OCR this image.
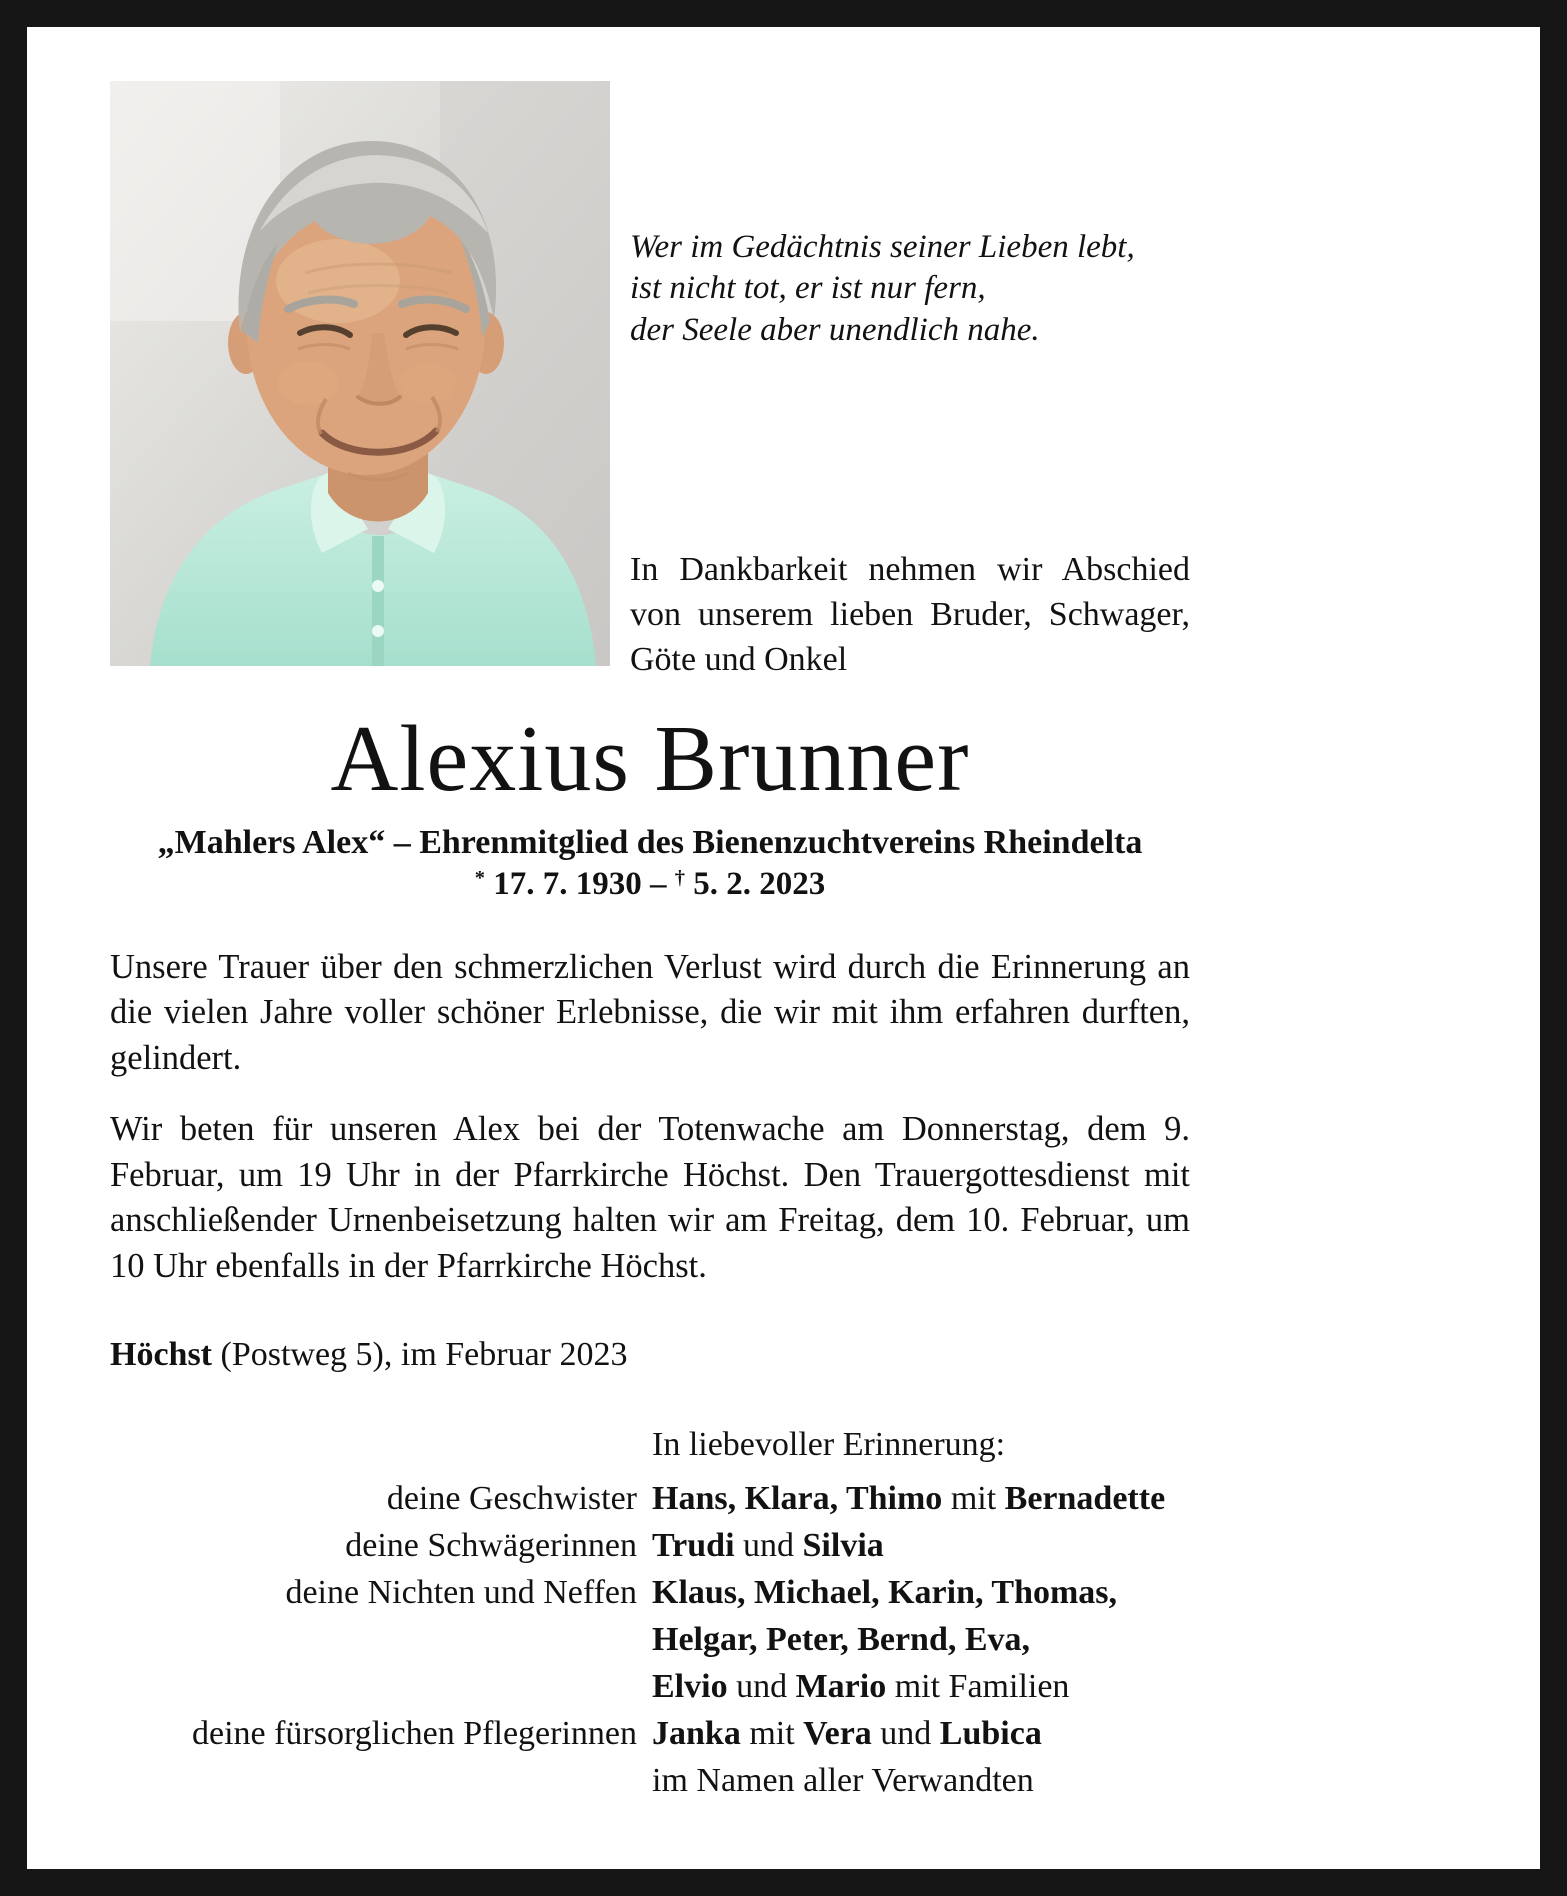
Wer im Gedächtnis seiner Lieben lebt,
ist nicht tot, er ist nur fern,
der Seele aber unendlich nahe.
In Dankbarkeit nehmen wir Abschied von unserem lieben Bruder, Schwager, Göte und Onkel
Alexius Brunner
„Mahlers Alex“ – Ehrenmitglied des Bienenzuchtvereins Rheindelta
* 17. 7. 1930 – † 5. 2. 2023

Unsere Trauer über den schmerzlichen Verlust wird durch die Erinnerung an die vielen Jahre voller schöner Erlebnisse, die wir mit ihm erfahren durften, gelindert.

Wir beten für unseren Alex bei der Totenwache am Donnerstag, dem 9. Februar, um 19 Uhr in der Pfarrkirche Höchst. Den Trauergottesdienst mit anschließender Urnenbeisetzung halten wir am Freitag, dem 10. Februar, um 10 Uhr ebenfalls in der Pfarrkirche Höchst.

Höchst (Postweg 5), im Februar 2023
In liebevoller Erinnerung:
deine Geschwister Hans, Klara, Thimo mit Bernadette
deine Schwägerinnen Trudi und Silvia
deine Nichten und Neffen Klaus, Michael, Karin, Thomas,
Helgar, Peter, Bernd, Eva,
Elvio und Mario mit Familien
deine fürsorglichen Pflegerinnen Janka mit Vera und Lubica
im Namen aller Verwandten
